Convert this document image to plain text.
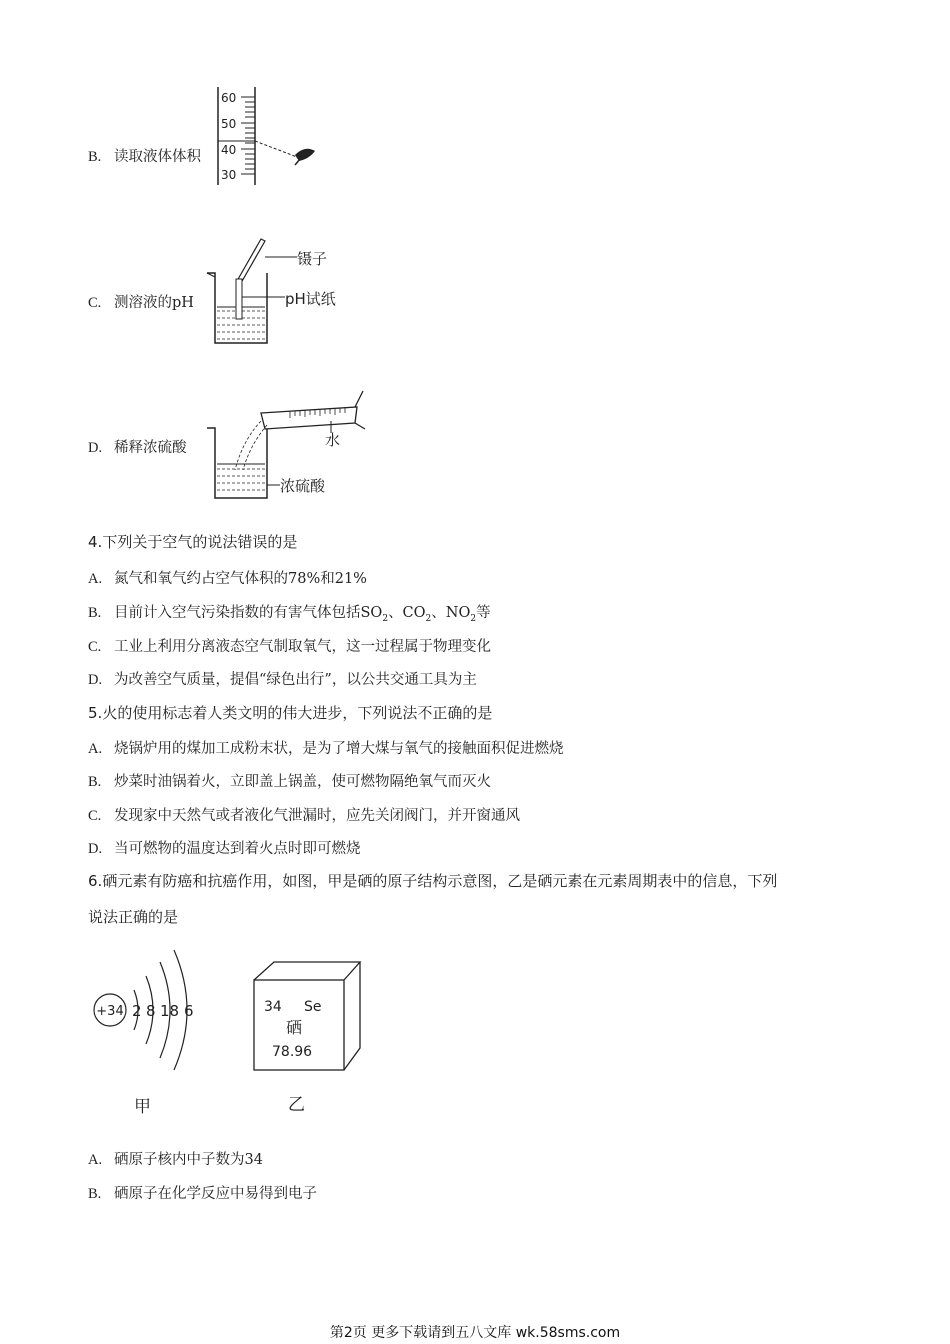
B. 读取液体体积
60
50
40
30
C. 测溶液的pH
镊子
pH试纸
D. 稀释浓硫酸	水
浓硫酸
4.下列关于空气的说法错误的是
A. 氮气和氧气约占空气体积的78%和21%
B. 目前计入空气污染指数的有害气体包括$SO_2$、$CO_2$、$NO_2$等
C. 工业上利用分离液态空气制取氧气，这一过程属于物理变化
D. 为改善空气质量，提倡“绿色出行”，以公共交通工具为主
5.火的使用标志着人类文明的伟大进步，下列说法不正确的是
A. 烧锅炉用的煤加工成粉末状，是为了增大煤与氧气的接触面积促进燃烧
B. 炒菜时油锅着火，立即盖上锅盖，使可燃物隔绝氧气而灭火
C. 发现家中天然气或者液化气泄漏时，应先关闭阀门，并开窗通风
D. 当可燃物的温度达到着火点时即可燃烧
6.硒元素有防癌和抗癌作用，如图，甲是硒的原子结构示意图，乙是硒元素在元素周期表中的信息，下列
说法正确的是
+34 2 8 18 6
甲
34 Se
硒
78.96
乙
A. 硒原子核内中子数为34
B. 硒原子在化学反应中易得到电子
第2页 更多下载请到五八文库 wk.58sms.com
